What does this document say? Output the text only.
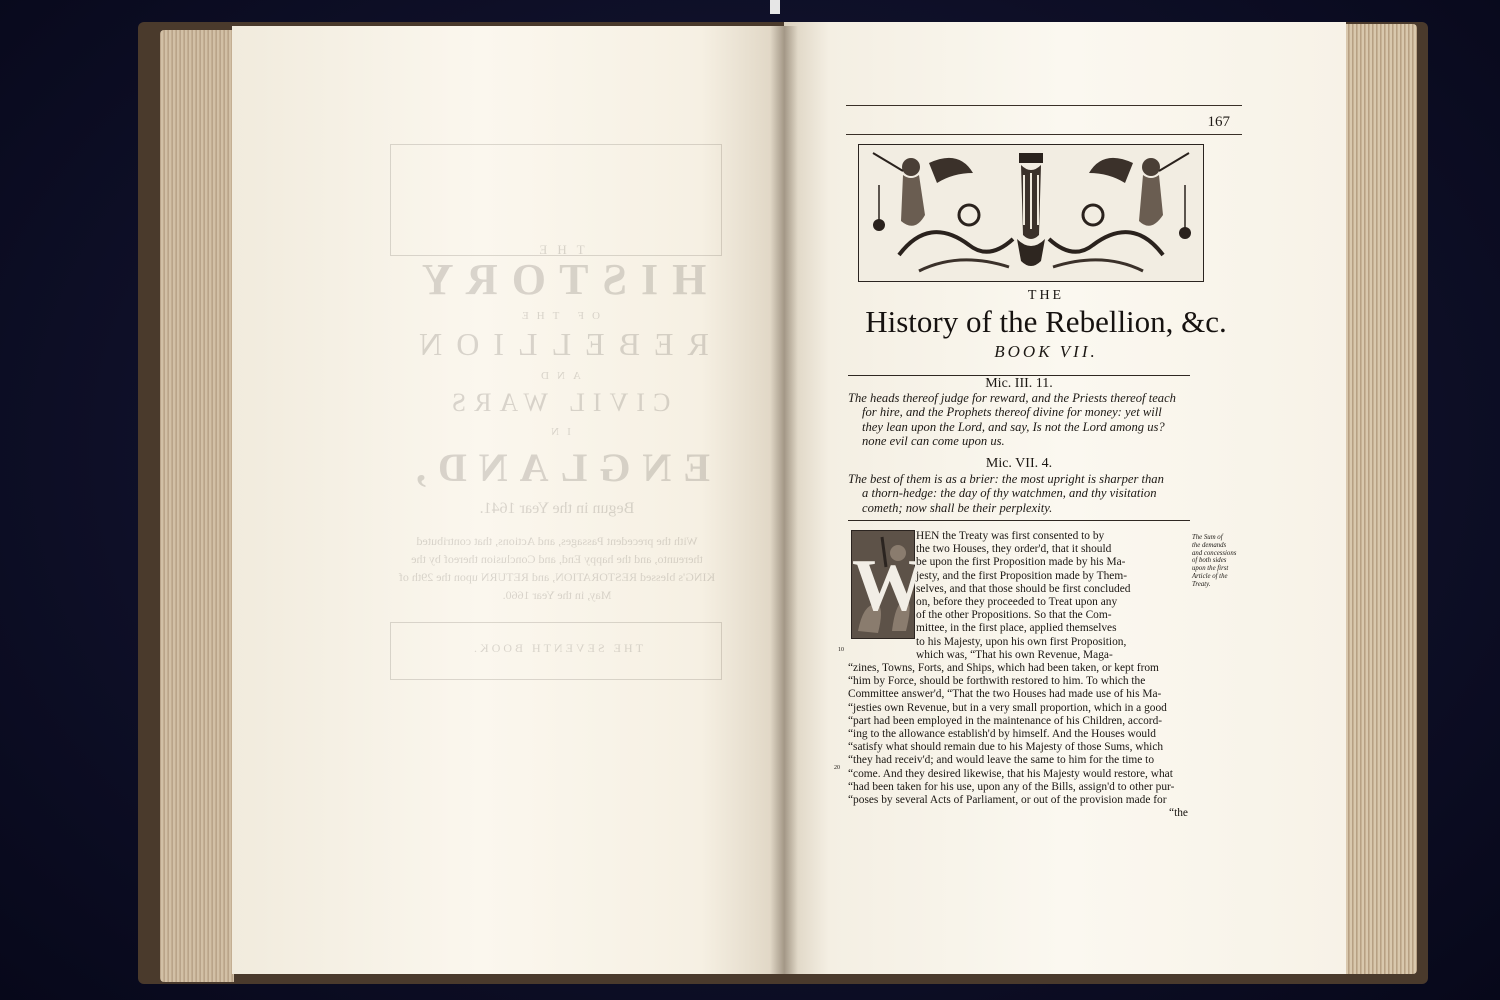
THE
HISTORY
OF THE
REBELLION
AND
CIVIL WARS
IN
ENGLAND,
Begun in the Year 1641.
With the precedent Passages, and Actions, that contributed thereunto, and the happy End, and Conclusion thereof by the KING's blessed RESTORATION, and RETURN upon the 29th of May, in the Year 1660.
THE SEVENTH BOOK.
167
THE
History of the Rebellion, &c.
BOOK VII.
Mic. III. 11.
The heads thereof judge for reward, and the Priests thereof teach
for hire, and the Prophets thereof divine for money: yet will
they lean upon the Lord, and say, Is not the Lord among us?
none evil can come upon us.
Mic. VII. 4.
The best of them is as a brier: the most upright is sharper than
a thorn-hedge: the day of thy watchmen, and thy visitation
cometh; now shall be their perplexity.
W
HEN the Treaty was first consented to by
the two Houses, they order'd, that it should
be upon the first Proposition made by his Ma-
jesty, and the first Proposition made by Them-
selves, and that those should be first concluded
on, before they proceeded to Treat upon any
of the other Propositions. So that the Com-
mittee, in the first place, applied themselves
to his Majesty, upon his own first Proposition,
which was, “That his own Revenue, Maga-
“zines, Towns, Forts, and Ships, which had been taken, or kept from
“him by Force, should be forthwith restored to him. To which the
Committee answer'd, “That the two Houses had made use of his Ma-
“jesties own Revenue, but in a very small proportion, which in a good
“part had been employed in the maintenance of his Children, accord-
“ing to the allowance establish'd by himself. And the Houses would
“satisfy what should remain due to his Majesty of those Sums, which
“they had receiv'd; and would leave the same to him for the time to
“come. And they desired likewise, that his Majesty would restore, what
“had been taken for his use, upon any of the Bills, assign'd to other pur-
“poses by several Acts of Parliament, or out of the provision made for
“the
10
20
The Sum of
the demands
and concessions
of both sides
upon the first
Article of the
Treaty.
